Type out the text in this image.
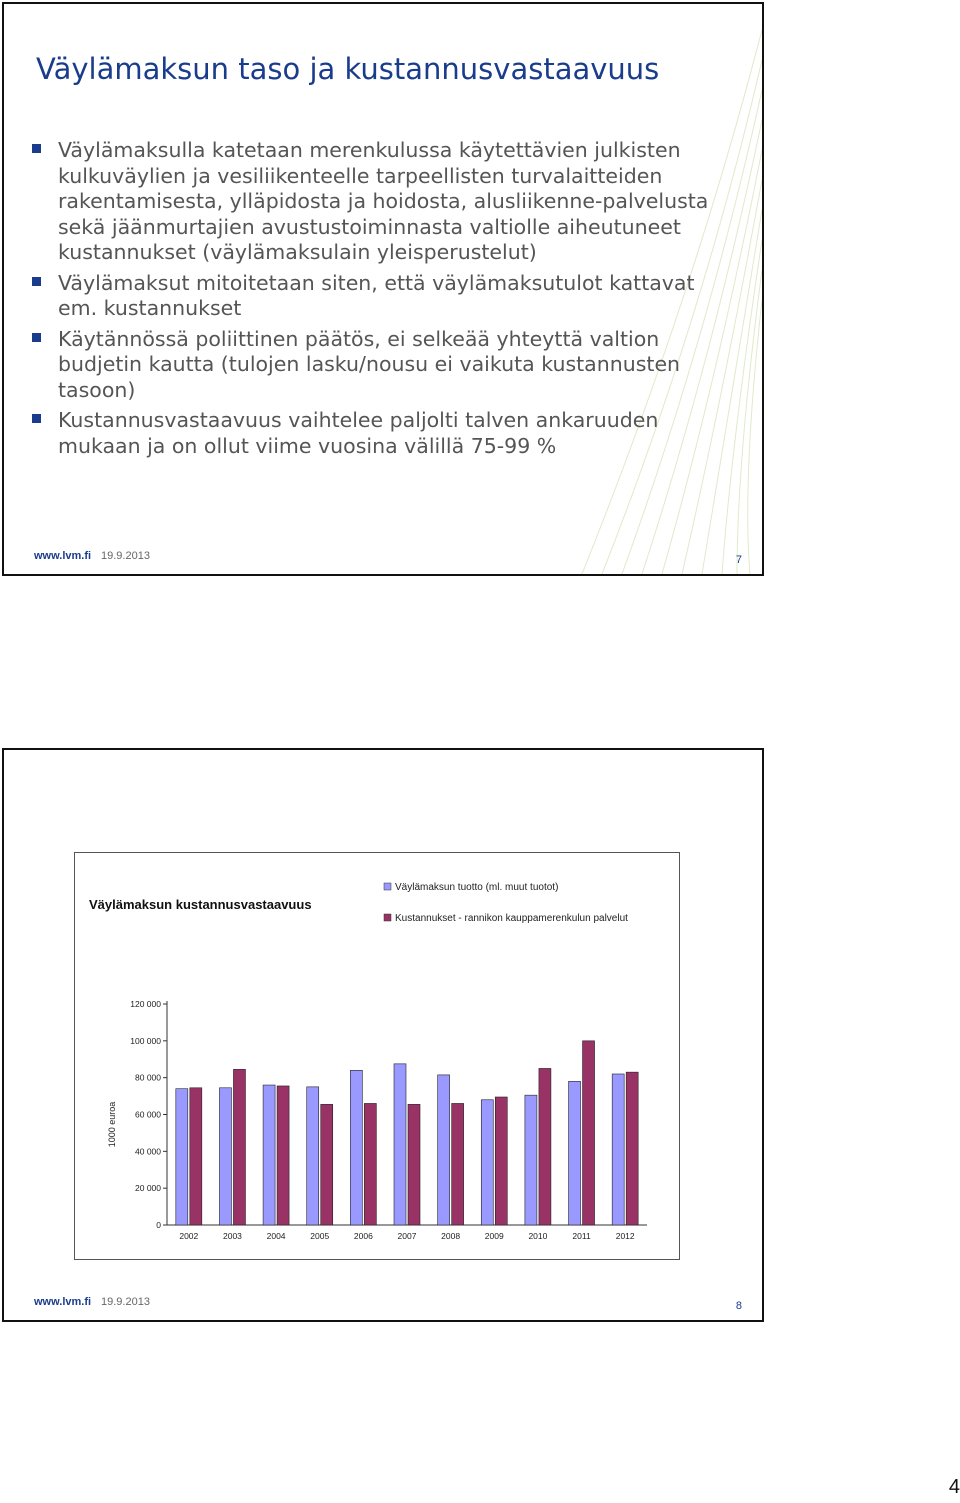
Väylämaksun taso ja kustannusvastaavuus
Väylämaksulla katetaan merenkulussa käytettävien julkisten kulkuväylien ja vesiliikenteelle tarpeellisten turvalaitteiden rakentamisesta, ylläpidosta ja hoidosta, alusliikenne-palvelusta sekä jäänmurtajien avustustoiminnasta valtiolle aiheutuneet kustannukset (väylämaksulain yleisperustelut)
Väylämaksut mitoitetaan siten, että väylämaksutulot kattavat em. kustannukset
Käytännössä poliittinen päätös, ei selkeää yhteyttä valtion budjetin kautta (tulojen lasku/nousu ei vaikuta kustannusten tasoon)
Kustannusvastaavuus vaihtelee paljolti talven ankaruuden mukaan ja on ollut viime vuosina välillä 75-99 %
www.lvm.fi 19.9.2013	7
Väylämaksun kustannusvastaavuus
Väylämaksun tuotto (ml. muut tuotot)
Kustannukset - rannikon kauppamerenkulun palvelut
0
20 000
40 000
60 000
80 000
100 000
120 000
1000 euroa
2002	2003	2004	2005	2006	2007	2008	2009	2010	2011	2012
www.lvm.fi 19.9.2013	8
4
